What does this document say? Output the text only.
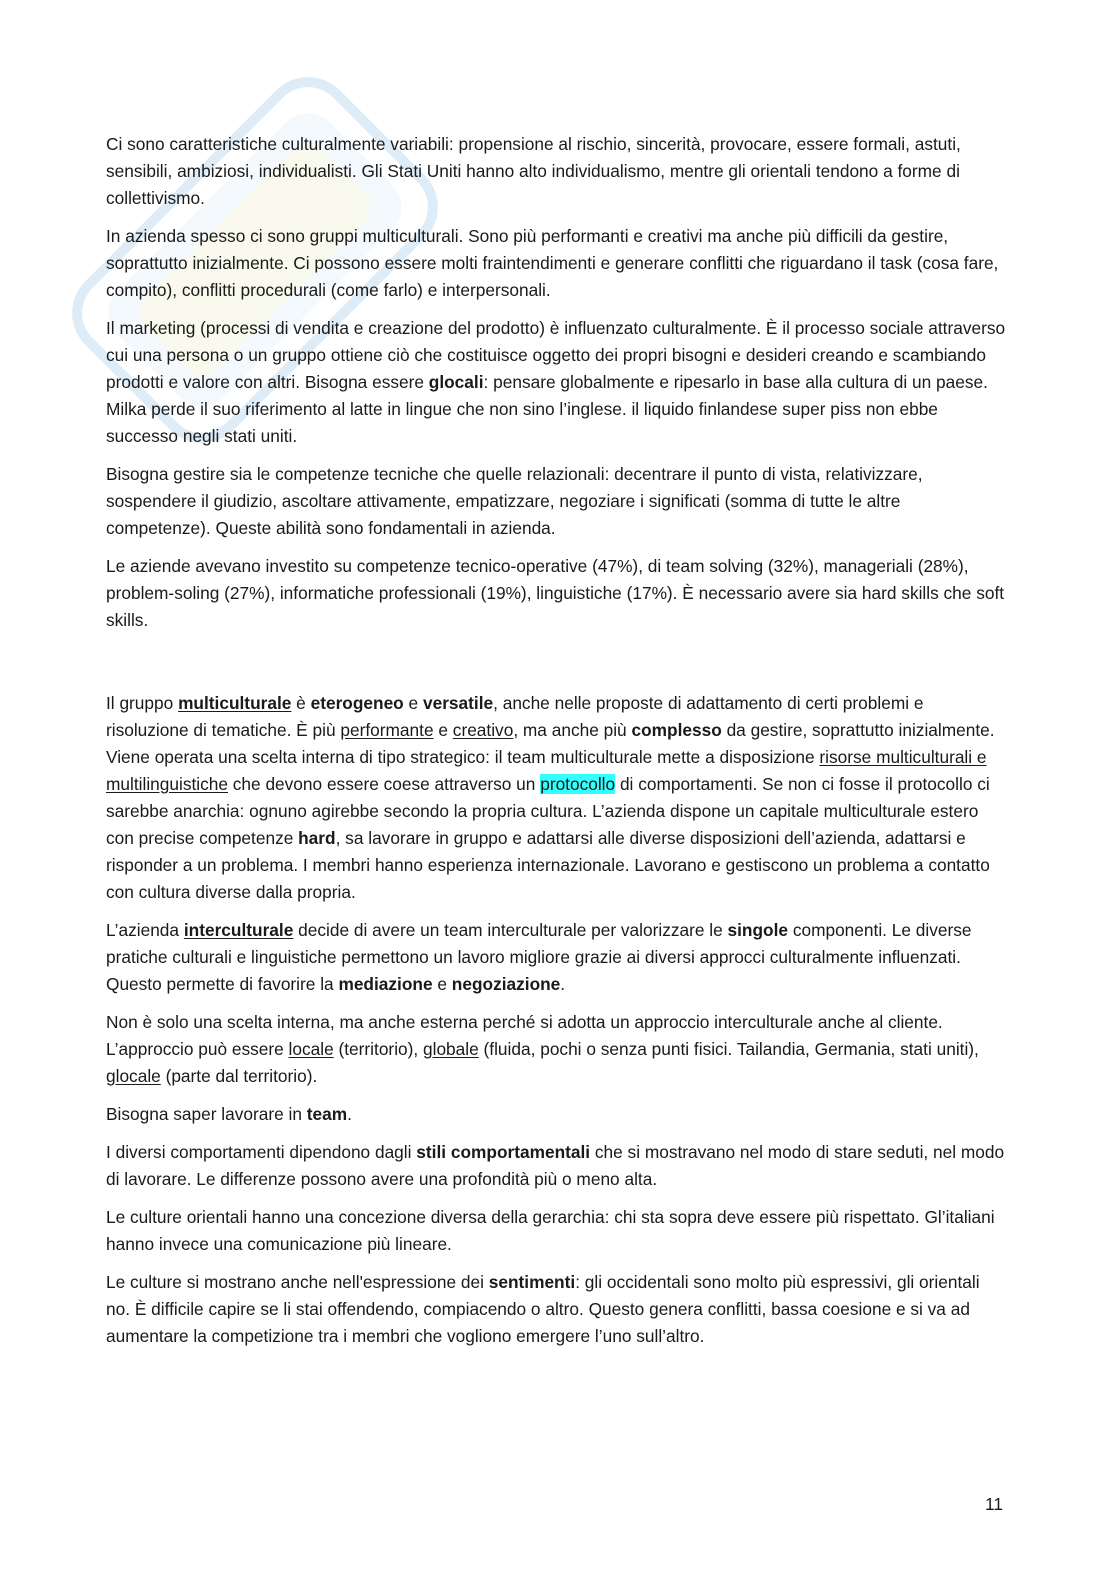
Ci sono caratteristiche culturalmente variabili: propensione al rischio, sincerità, provocare, essere formali, astuti, sensibili, ambiziosi, individualisti. Gli Stati Uniti hanno alto individualismo, mentre gli orientali tendono a forme di collettivismo.

In azienda spesso ci sono gruppi multiculturali. Sono più performanti e creativi ma anche più difficili da gestire, soprattutto inizialmente. Ci possono essere molti fraintendimenti e generare conflitti che riguardano il task (cosa fare, compito), conflitti procedurali (come farlo) e interpersonali.

Il marketing (processi di vendita e creazione del prodotto) è influenzato culturalmente. È il processo sociale attraverso cui una persona o un gruppo ottiene ciò che costituisce oggetto dei propri bisogni e desideri creando e scambiando prodotti e valore con altri. Bisogna essere glocali: pensare globalmente e ripesarlo in base alla cultura di un paese. Milka perde il suo riferimento al latte in lingue che non sino l’inglese. il liquido finlandese super piss non ebbe successo negli stati uniti.

Bisogna gestire sia le competenze tecniche che quelle relazionali: decentrare il punto di vista, relativizzare, sospendere il giudizio, ascoltare attivamente, empatizzare, negoziare i significati (somma di tutte le altre competenze). Queste abilità sono fondamentali in azienda.

Le aziende avevano investito su competenze tecnico-operative (47%), di team solving (32%), manageriali (28%), problem-soling (27%), informatiche professionali (19%), linguistiche (17%). È necessario avere sia hard skills che soft skills.

Il gruppo multiculturale è eterogeneo e versatile, anche nelle proposte di adattamento di certi problemi e risoluzione di tematiche. È più performante e creativo, ma anche più complesso da gestire, soprattutto inizialmente. Viene operata una scelta interna di tipo strategico: il team multiculturale mette a disposizione risorse multiculturali e multilinguistiche che devono essere coese attraverso un protocollo di comportamenti. Se non ci fosse il protocollo ci sarebbe anarchia: ognuno agirebbe secondo la propria cultura. L’azienda dispone un capitale multiculturale estero con precise competenze hard, sa lavorare in gruppo e adattarsi alle diverse disposizioni dell’azienda, adattarsi e risponder a un problema. I membri hanno esperienza internazionale. Lavorano e gestiscono un problema a contatto con cultura diverse dalla propria.

L’azienda interculturale decide di avere un team interculturale per valorizzare le singole componenti. Le diverse pratiche culturali e linguistiche permettono un lavoro migliore grazie ai diversi approcci culturalmente influenzati. Questo permette di favorire la mediazione e negoziazione.

Non è solo una scelta interna, ma anche esterna perché si adotta un approccio interculturale anche al cliente. L’approccio può essere locale (territorio), globale (fluida, pochi o senza punti fisici. Tailandia, Germania, stati uniti), glocale (parte dal territorio).

Bisogna saper lavorare in team.

I diversi comportamenti dipendono dagli stili comportamentali che si mostravano nel modo di stare seduti, nel modo di lavorare. Le differenze possono avere una profondità più o meno alta.

Le culture orientali hanno una concezione diversa della gerarchia: chi sta sopra deve essere più rispettato. Gl’italiani hanno invece una comunicazione più lineare.

Le culture si mostrano anche nell'espressione dei sentimenti: gli occidentali sono molto più espressivi, gli orientali no. È difficile capire se li stai offendendo, compiacendo o altro. Questo genera conflitti, bassa coesione e si va ad aumentare la competizione tra i membri che vogliono emergere l’uno sull’altro.

11
